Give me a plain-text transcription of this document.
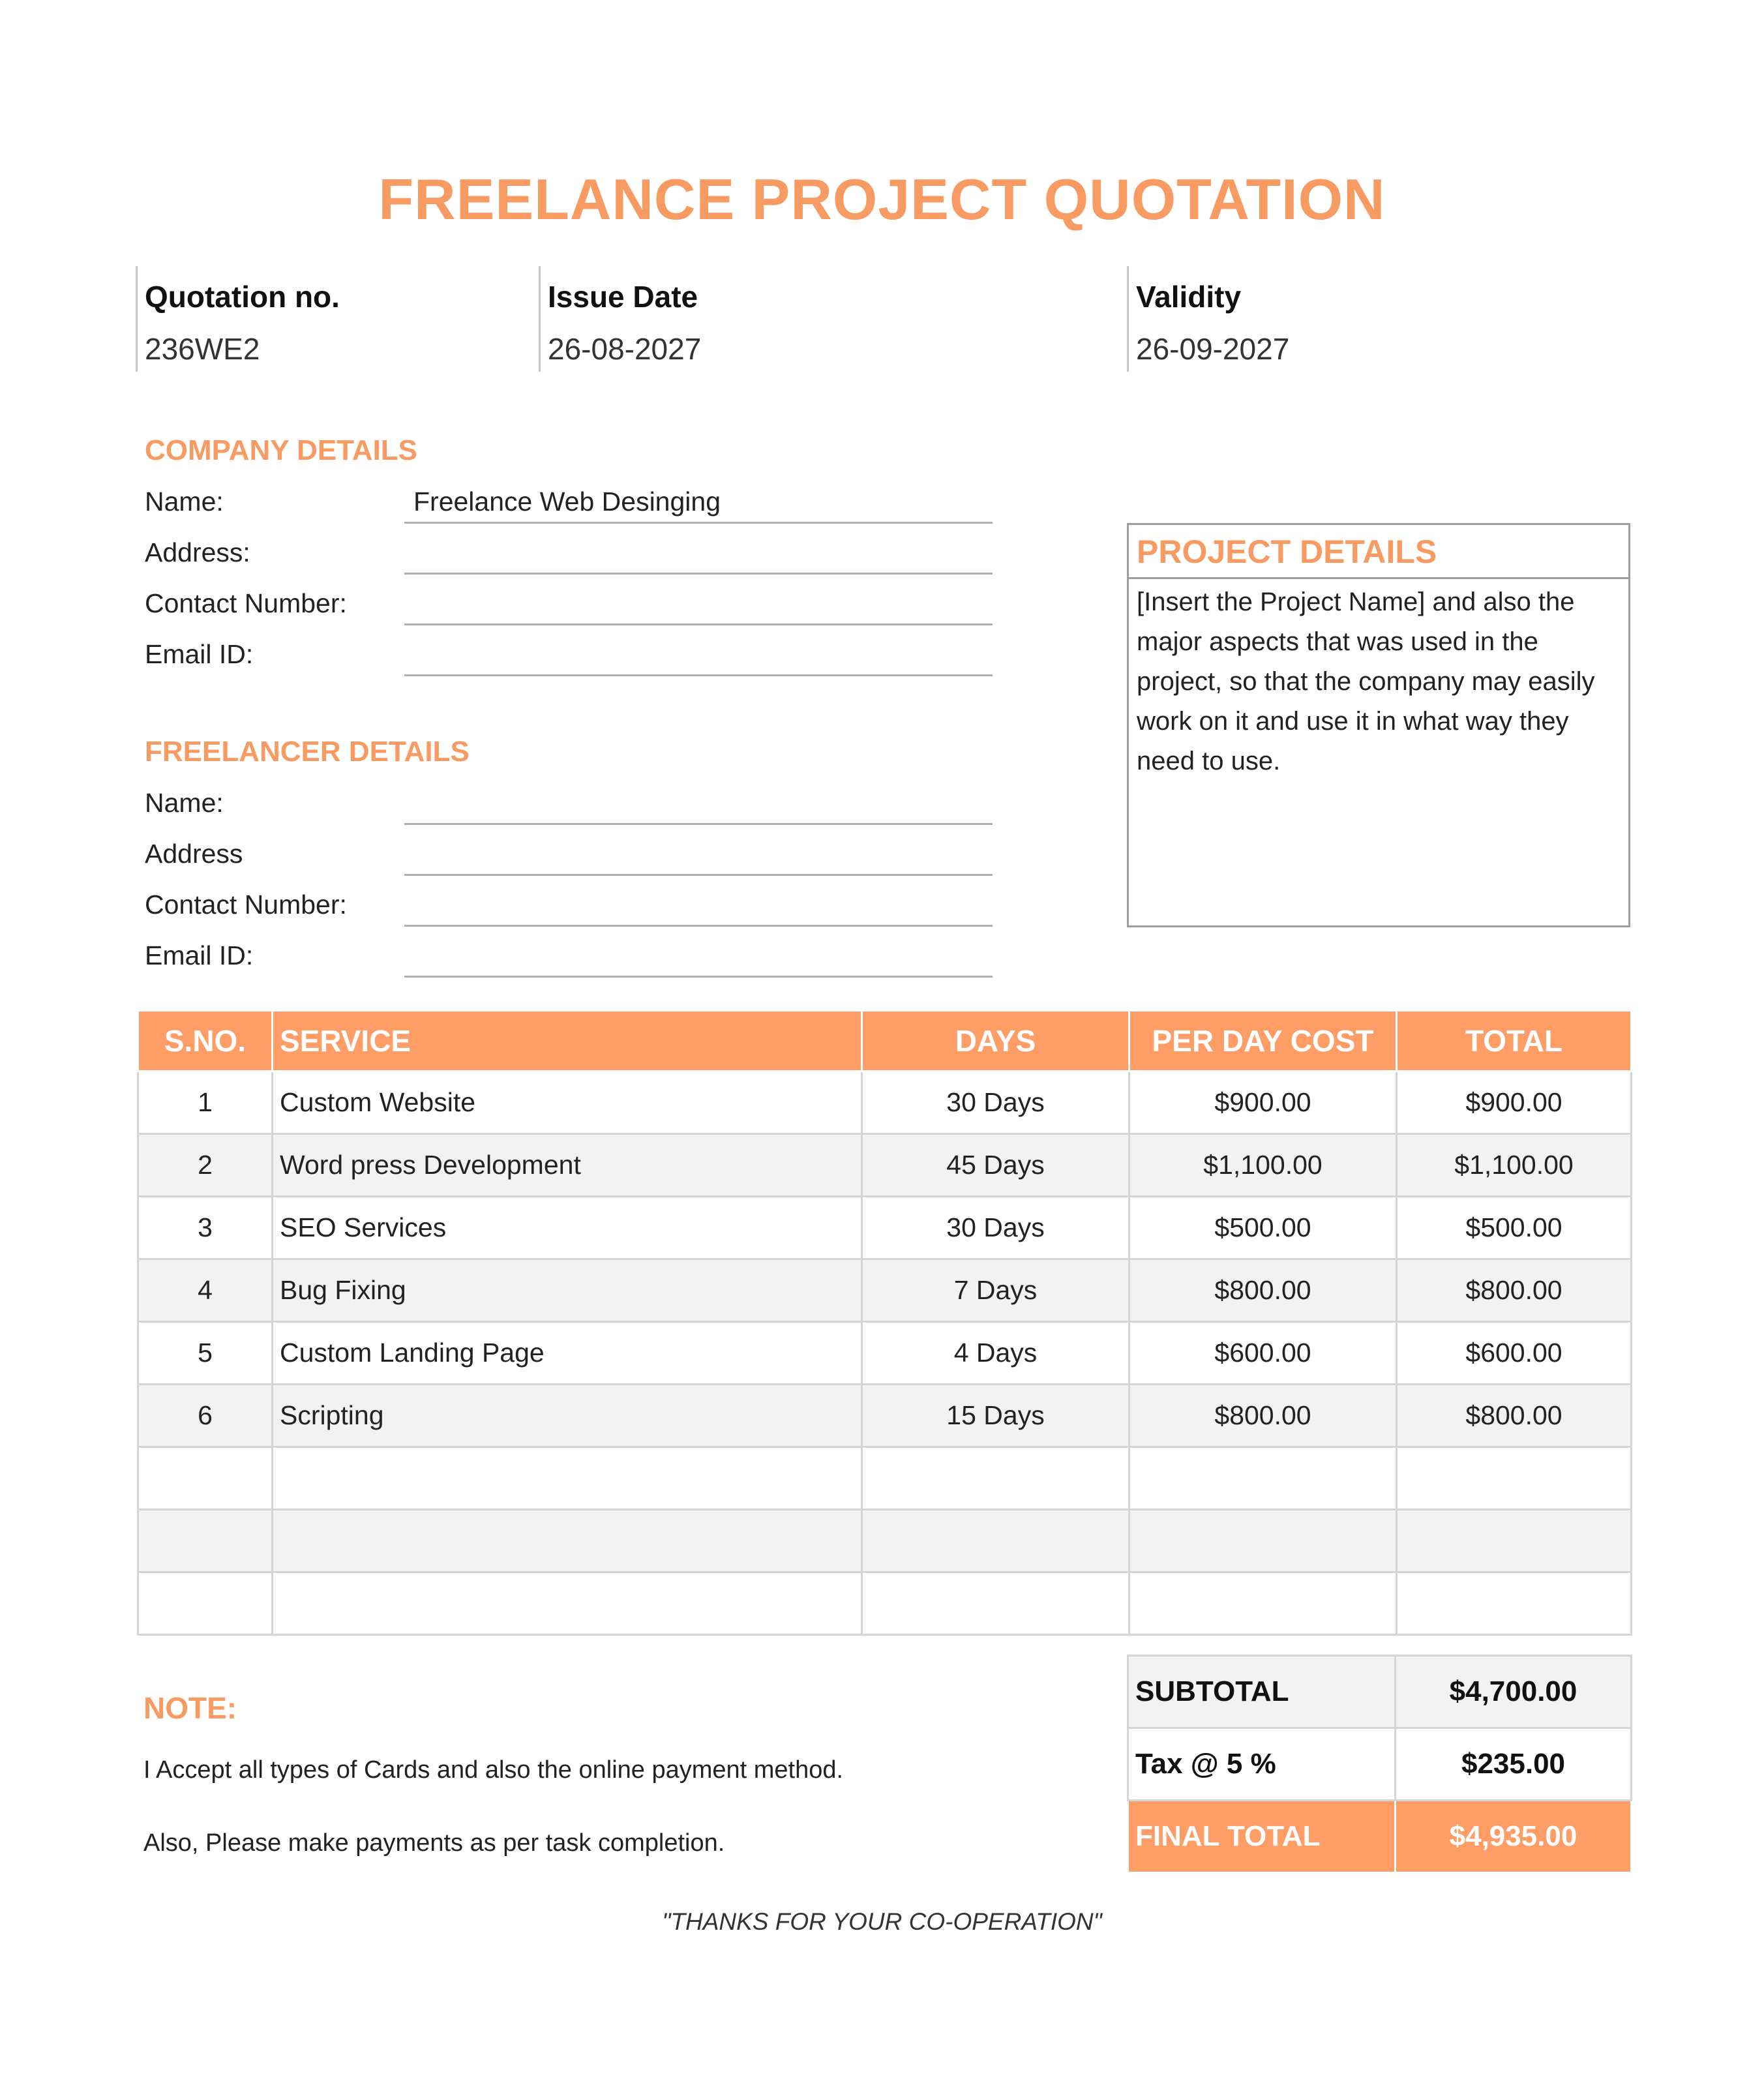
FREELANCE PROJECT QUOTATION
Quotation no.
236WE2
Issue Date
26-08-2027
Validity
26-09-2027
COMPANY DETAILS
Name:	Freelance Web Desinging
Address:
Contact Number:
Email ID:
FREELANCER DETAILS
Name:
Address
Contact Number:
Email ID:
PROJECT DETAILS
[Insert the Project Name] and also the major aspects that was used in the project, so that the company may easily work on it and use it in what way they need to use.
S.NO.	SERVICE	DAYS	PER DAY COST	TOTAL
1	Custom Website	30 Days	$900.00	$900.00
2	Word press Development	45 Days	$1,100.00	$1,100.00
3	SEO Services	30 Days	$500.00	$500.00
4	Bug Fixing	7 Days	$800.00	$800.00
5	Custom Landing Page	4 Days	$600.00	$600.00
6	Scripting	15 Days	$800.00	$800.00

SUBTOTAL	$4,700.00
Tax @ 5 %	$235.00
FINAL TOTAL	$4,935.00
NOTE:
I Accept all types of Cards and also the online payment method.
Also, Please make payments as per task completion.
"THANKS FOR YOUR CO-OPERATION"
